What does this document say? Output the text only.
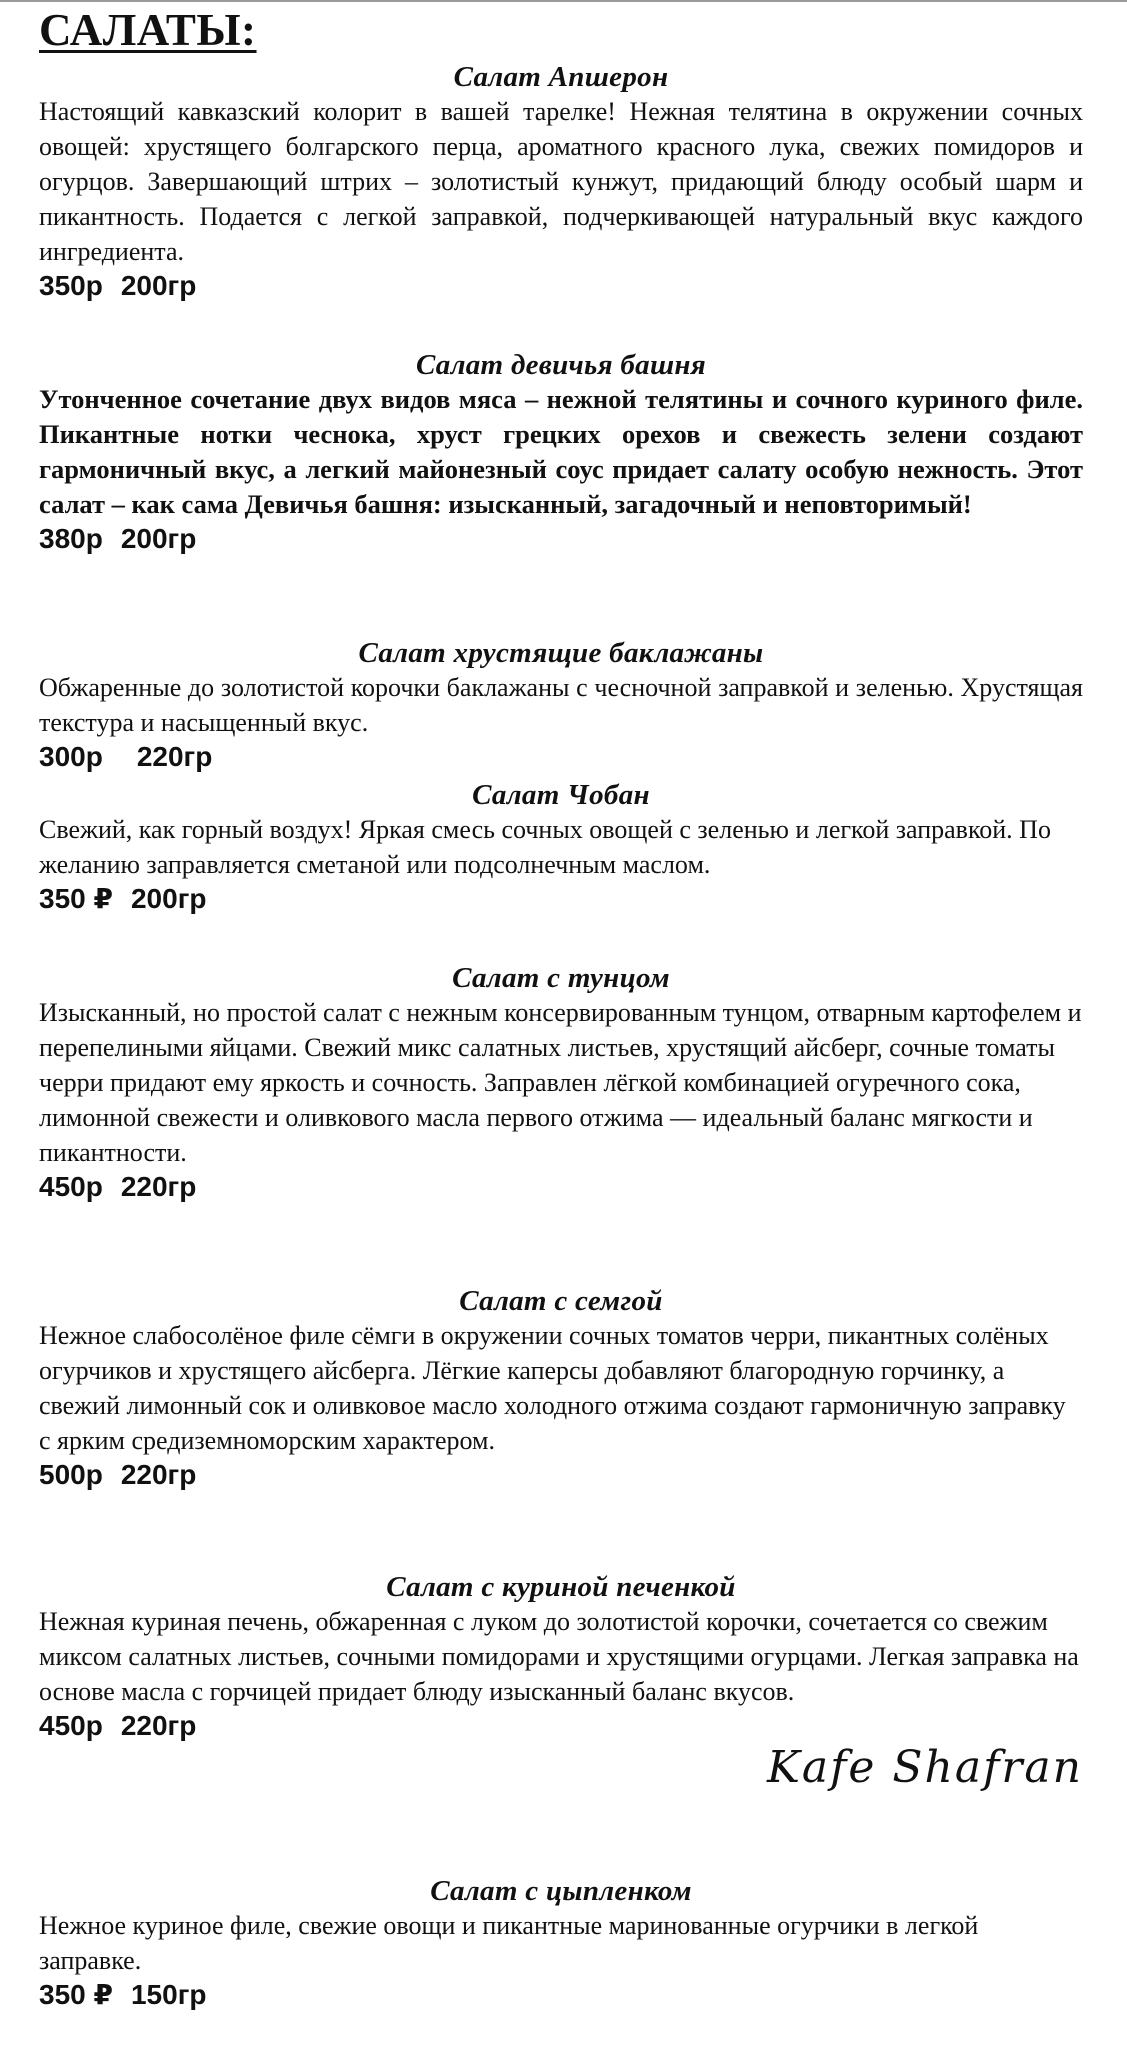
САЛАТЫ:

Салат Апшерон

Настоящий кавказский колорит в вашей тарелке! Нежная телятина в окружении сочных овощей: хрустящего болгарского перца, ароматного красного лука, свежих помидоров и огурцов. Завершающий штрих – золотистый кунжут, придающий блюду особый шарм и пикантность. Подается с легкой заправкой, подчеркивающей натуральный вкус каждого ингредиента.

350р 200гр

Салат девичья башня

Утонченное сочетание двух видов мяса – нежной телятины и сочного куриного филе. Пикантные нотки чеснока, хруст грецких орехов и свежесть зелени создают гармоничный вкус, а легкий майонезный соус придает салату особую нежность. Этот салат – как сама Девичья башня: изысканный, загадочный и неповторимый!

380р 200гр

Салат хрустящие баклажаны

Обжаренные до золотистой корочки баклажаны с чесночной заправкой и зеленью. Хрустящая текстура и насыщенный вкус.

300р 220гр

Салат Чобан

Свежий, как горный воздух! Яркая смесь сочных овощей с зеленью и легкой заправкой. По желанию заправляется сметаной или подсолнечным маслом.

350 ₽ 200гр

Салат с тунцом

Изысканный, но простой салат с нежным консервированным тунцом, отварным картофелем и перепелиными яйцами. Свежий микс салатных листьев, хрустящий айсберг, сочные томаты черри придают ему яркость и сочность. Заправлен лёгкой комбинацией огуречного сока, лимонной свежести и оливкового масла первого отжима — идеальный баланс мягкости и пикантности.

450р 220гр

Салат с семгой

Нежное слабосолёное филе сёмги в окружении сочных томатов черри, пикантных солёных огурчиков и хрустящего айсберга. Лёгкие каперсы добавляют благородную горчинку, а свежий лимонный сок и оливковое масло холодного отжима создают гармоничную заправку с ярким средиземноморским характером.

500р 220гр

Салат с куриной печенкой

Нежная куриная печень, обжаренная с луком до золотистой корочки, сочетается со свежим миксом салатных листьев, сочными помидорами и хрустящими огурцами. Легкая заправка на основе масла с горчицей придает блюду изысканный баланс вкусов.

450р 220гр

Kafe Shafran

Салат с цыпленком

Нежное куриное филе, свежие овощи и пикантные маринованные огурчики в легкой заправке.

350 ₽ 150гр
